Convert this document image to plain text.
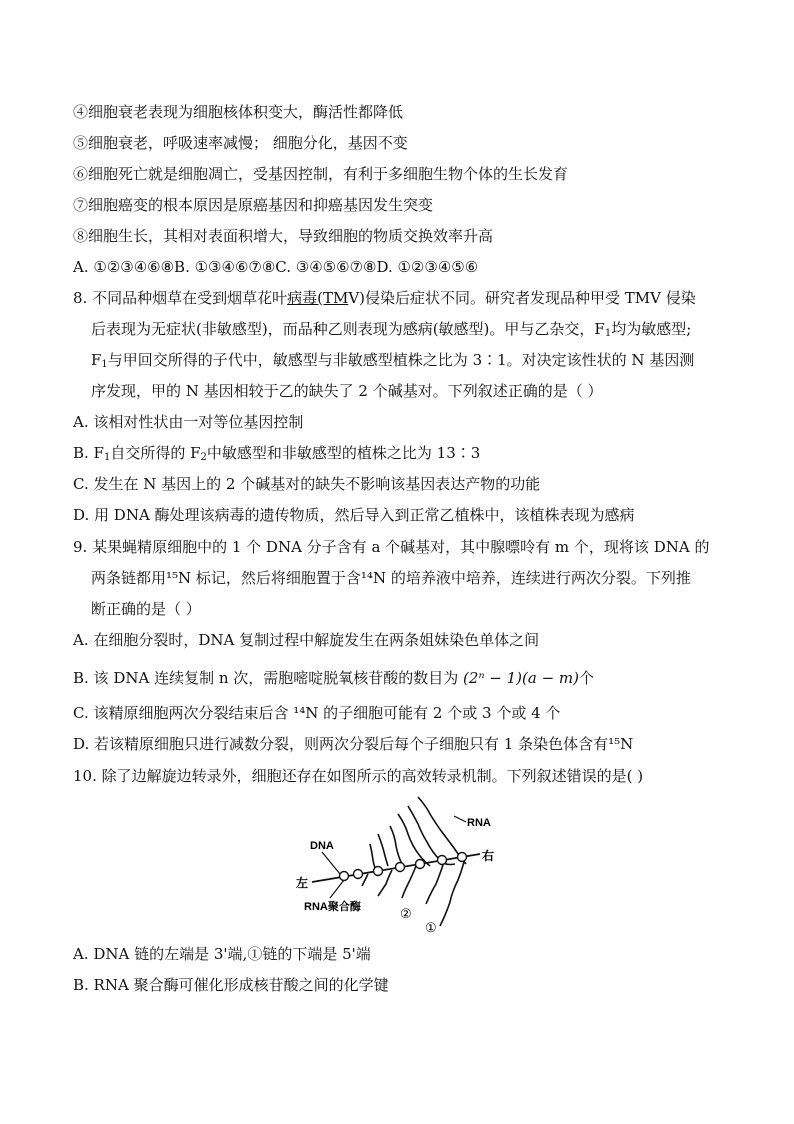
④细胞衰老表现为细胞核体积变大，酶活性都降低
⑤细胞衰老，呼吸速率减慢； 细胞分化，基因不变
⑥细胞死亡就是细胞凋亡，受基因控制，有利于多细胞生物个体的生长发育
⑦细胞癌变的根本原因是原癌基因和抑癌基因发生突变
⑧细胞生长，其相对表面积增大，导致细胞的物质交换效率升高
A. ①②③④⑥⑧B. ①③④⑥⑦⑧C. ③④⑤⑥⑦⑧D. ①②③④⑤⑥
8. 不同品种烟草在受到烟草花叶病毒(TMV)侵染后症状不同。研究者发现品种甲受 TMV 侵染
后表现为无症状(非敏感型)，而品种乙则表现为感病(敏感型)。甲与乙杂交，$F_1$均为敏感型;
$F_1$与甲回交所得的子代中，敏感型与非敏感型植株之比为 3∶1。对决定该性状的 N 基因测
序发现，甲的 N 基因相较于乙的缺失了 2 个碱基对。下列叙述正确的是（ ）
A. 该相对性状由一对等位基因控制
B. $F_1$自交所得的 $F_2$中敏感型和非敏感型的植株之比为 13∶3
C. 发生在 N 基因上的 2 个碱基对的缺失不影响该基因表达产物的功能
D. 用 DNA 酶处理该病毒的遗传物质，然后导入到正常乙植株中，该植株表现为感病
9. 某果蝇精原细胞中的 1 个 DNA 分子含有 a 个碱基对，其中腺嘌呤有 m 个，现将该 DNA 的
两条链都用¹⁵N 标记，然后将细胞置于含¹⁴N 的培养液中培养，连续进行两次分裂。下列推
断正确的是（ ）
A. 在细胞分裂时，DNA 复制过程中解旋发生在两条姐妹染色单体之间
B. 该 DNA 连续复制 n 次，需胞嘧啶脱氧核苷酸的数目为 (2ⁿ − 1)(a − m)个
C. 该精原细胞两次分裂结束后含 ¹⁴N 的子细胞可能有 2 个或 3 个或 4 个
D. 若该精原细胞只进行减数分裂，则两次分裂后每个子细胞只有 1 条染色体含有¹⁵N
10. 除了边解旋边转录外，细胞还存在如图所示的高效转录机制。下列叙述错误的是( )
DNA
RNA
左
右
RNA聚合酶	②
①
A. DNA 链的左端是 3'端,①链的下端是 5'端
B. RNA 聚合酶可催化形成核苷酸之间的化学键
